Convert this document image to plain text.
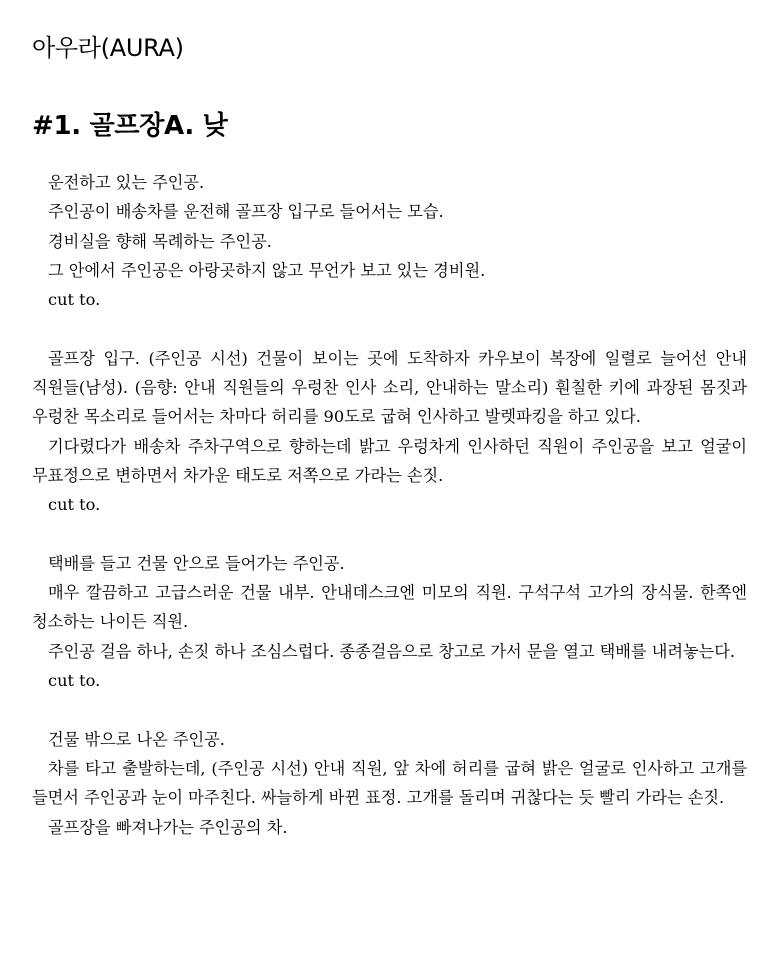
아우라(AURA)
#1. 골프장A. 낮

운전하고 있는 주인공.

주인공이 배송차를 운전해 골프장 입구로 들어서는 모습.

경비실을 향해 목례하는 주인공.

그 안에서 주인공은 아랑곳하지 않고 무언가 보고 있는 경비원.

cut to.

골프장 입구. (주인공 시선) 건물이 보이는 곳에 도착하자 카우보이 복장에 일렬로 늘어선 안내 직원들(남성). (음향: 안내 직원들의 우렁찬 인사 소리, 안내하는 말소리) 훤칠한 키에 과장된 몸짓과 우렁찬 목소리로 들어서는 차마다 허리를 90도로 굽혀 인사하고 발렛파킹을 하고 있다.

기다렸다가 배송차 주차구역으로 향하는데 밝고 우렁차게 인사하던 직원이 주인공을 보고 얼굴이 무표정으로 변하면서 차가운 태도로 저쪽으로 가라는 손짓.

cut to.

택배를 들고 건물 안으로 들어가는 주인공.

매우 깔끔하고 고급스러운 건물 내부. 안내데스크엔 미모의 직원. 구석구석 고가의 장식물. 한쪽엔 청소하는 나이든 직원.

주인공 걸음 하나, 손짓 하나 조심스럽다. 종종걸음으로 창고로 가서 문을 열고 택배를 내려놓는다.

cut to.

건물 밖으로 나온 주인공.

차를 타고 출발하는데, (주인공 시선) 안내 직원, 앞 차에 허리를 굽혀 밝은 얼굴로 인사하고 고개를 들면서 주인공과 눈이 마주친다. 싸늘하게 바뀐 표정. 고개를 돌리며 귀찮다는 듯 빨리 가라는 손짓.

골프장을 빠져나가는 주인공의 차.
